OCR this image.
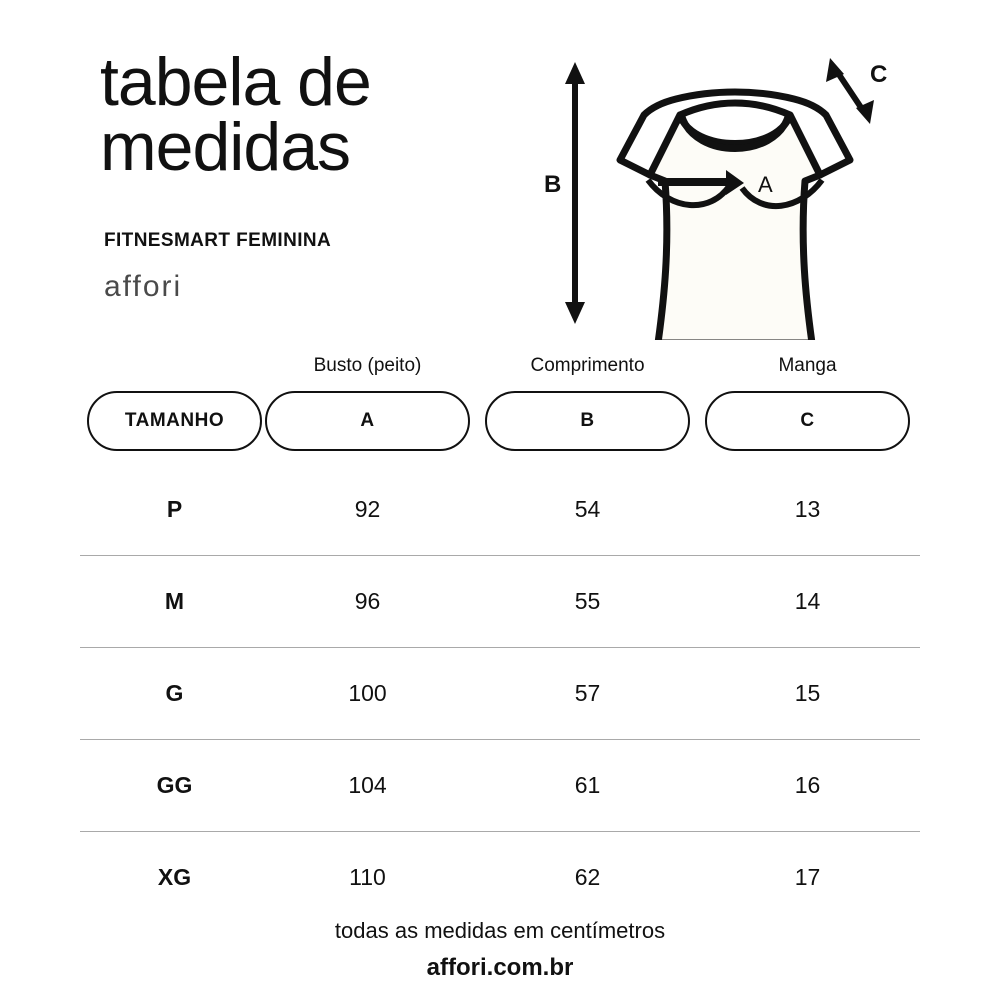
tabela de medidas
FITNESMART FEMININA
affori
A
B
C
Busto (peito)	Comprimento	Manga
TAMANHO	A	B	C
P	92	54	13
M	96	55	14
G	100	57	15
GG	104	61	16
XG	110	62	17
todas as medidas em centímetros
affori.com.br
